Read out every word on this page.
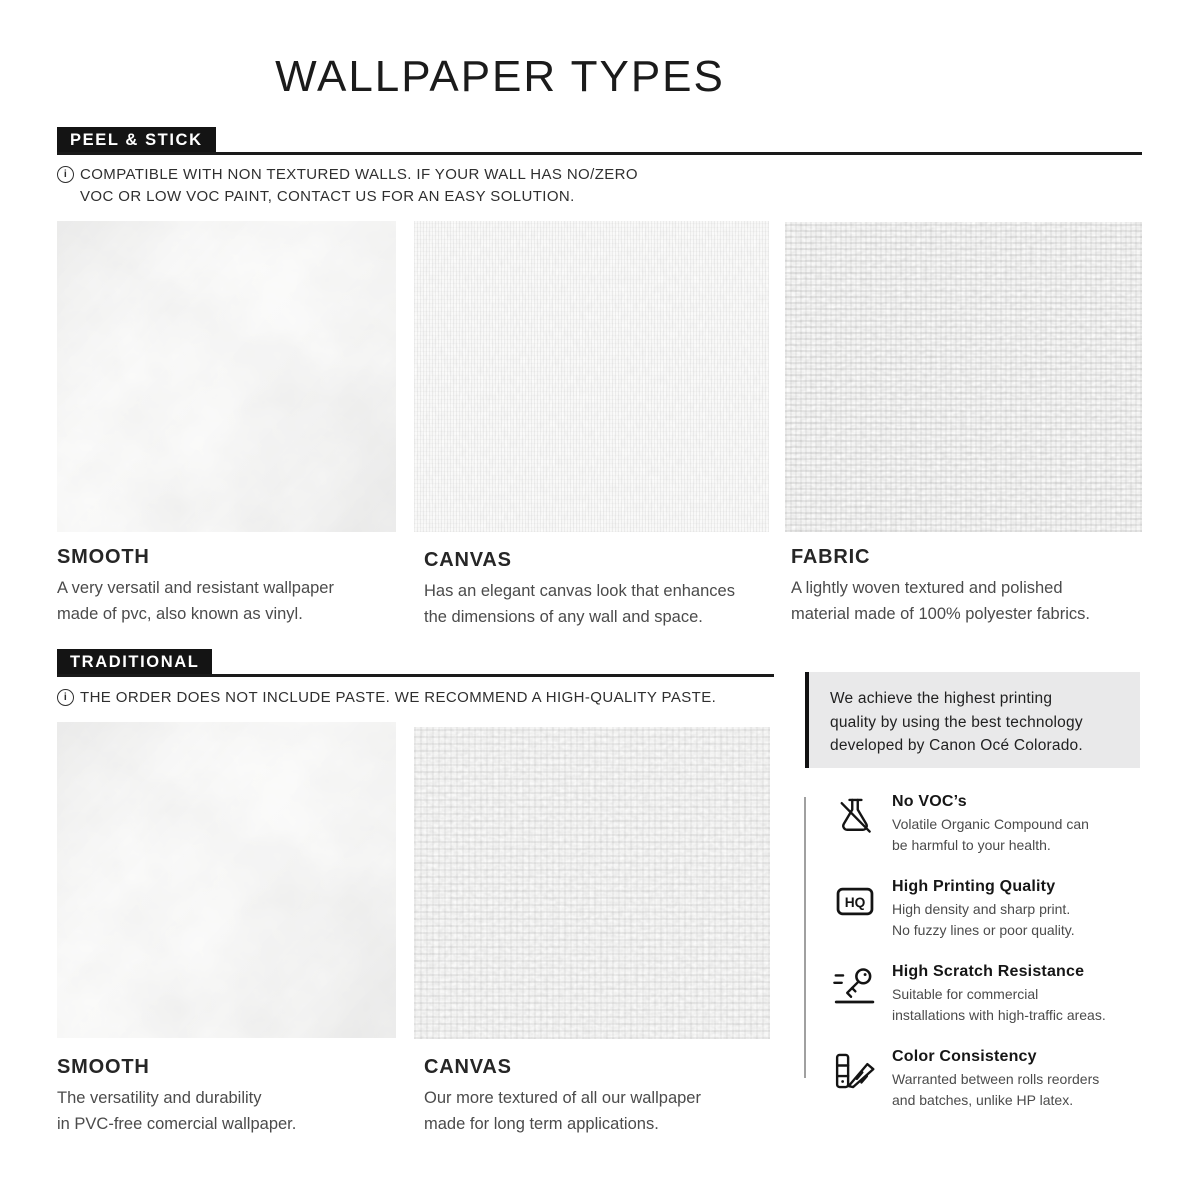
WALLPAPER TYPES
PEEL & STICK
i COMPATIBLE WITH NON TEXTURED WALLS. IF YOUR WALL HAS NO/ZERO
VOC OR LOW VOC PAINT, CONTACT US FOR AN EASY SOLUTION.
SMOOTH
A very versatil and resistant wallpaper
made of pvc, also known as vinyl.
CANVAS
Has an elegant canvas look that enhances
the dimensions of any wall and space.
FABRIC
A lightly woven textured and polished
material made of 100% polyester fabrics.
TRADITIONAL
i THE ORDER DOES NOT INCLUDE PASTE. WE RECOMMEND A HIGH-QUALITY PASTE.
SMOOTH
The versatility and durability
in PVC-free comercial wallpaper.
CANVAS
Our more textured of all our wallpaper
made for long term applications.
We achieve the highest printing
quality by using the best technology
developed by Canon Océ Colorado.
No VOC’s
Volatile Organic Compound can
be harmful to your health.
HQ
High Printing Quality
High density and sharp print.
No fuzzy lines or poor quality.
High Scratch Resistance
Suitable for commercial
installations with high-traffic areas.
Color Consistency
Warranted between rolls reorders
and batches, unlike HP latex.
